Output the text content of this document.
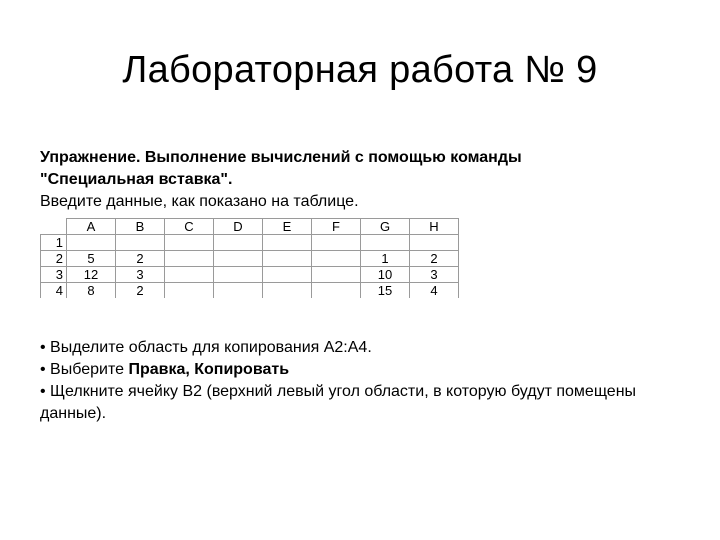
Лабораторная работа № 9
Упражнение. Выполнение вычислений с помощью команды
"Специальная вставка".
Введите данные, как показано на таблице.
	A	B	C	D	E	F	G	H
1								
2	5	2					1	2
3	12	3					10	3
4	8	2					15	4
• Выделите область для копирования А2:А4.
• Выберите Правка, Копировать
• Щелкните ячейку В2 (верхний левый угол области, в которую будут помещены данные).
